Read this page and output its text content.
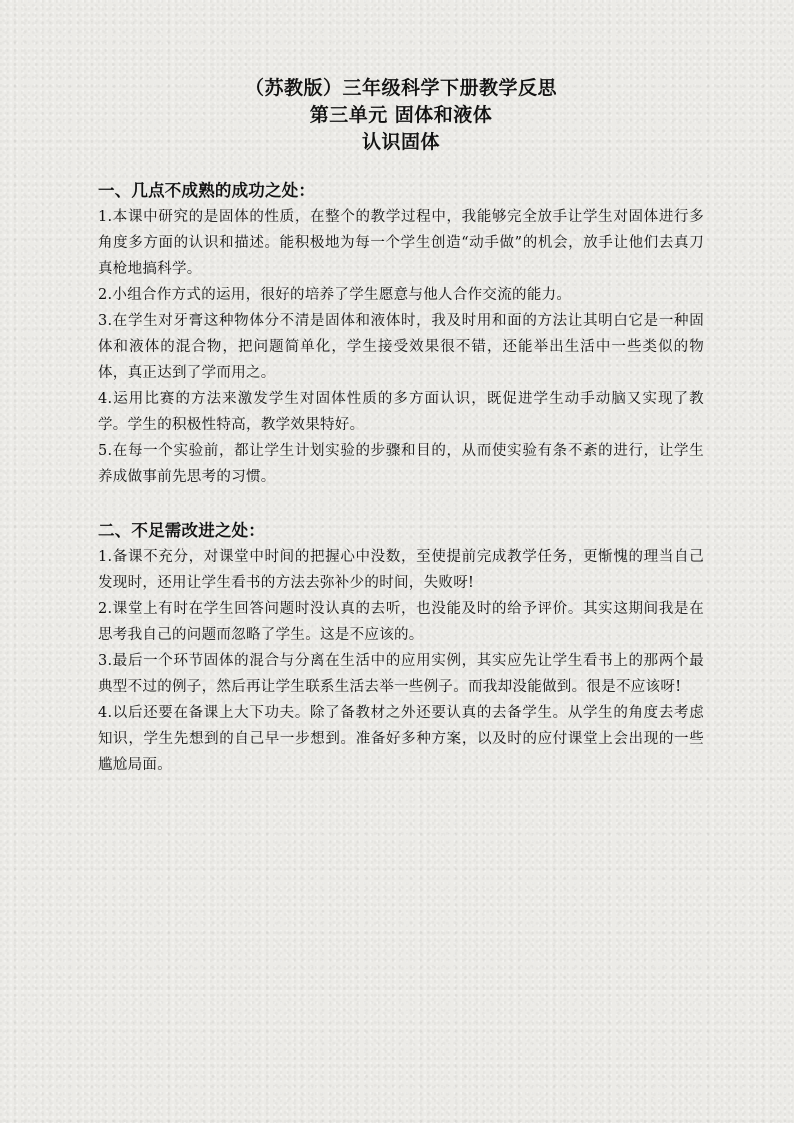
（苏教版）三年级科学下册教学反思
第三单元 固体和液体
认识固体
一、几点不成熟的成功之处：

1.本课中研究的是固体的性质，在整个的教学过程中，我能够完全放手让学生对固体进行多角度多方面的认识和描述。能积极地为每一个学生创造“动手做”的机会，放手让他们去真刀真枪地搞科学。

2.小组合作方式的运用，很好的培养了学生愿意与他人合作交流的能力。

3.在学生对牙膏这种物体分不清是固体和液体时，我及时用和面的方法让其明白它是一种固体和液体的混合物，把问题简单化，学生接受效果很不错，还能举出生活中一些类似的物体，真正达到了学而用之。

4.运用比赛的方法来激发学生对固体性质的多方面认识，既促进学生动手动脑又实现了教学。学生的积极性特高，教学效果特好。

5.在每一个实验前，都让学生计划实验的步骤和目的，从而使实验有条不紊的进行，让学生养成做事前先思考的习惯。

二、不足需改进之处：

1.备课不充分，对课堂中时间的把握心中没数，至使提前完成教学任务，更惭愧的理当自己发现时，还用让学生看书的方法去弥补少的时间，失败呀!

2.课堂上有时在学生回答问题时没认真的去听，也没能及时的给予评价。其实这期间我是在思考我自己的问题而忽略了学生。这是不应该的。

3.最后一个环节固体的混合与分离在生活中的应用实例，其实应先让学生看书上的那两个最典型不过的例子，然后再让学生联系生活去举一些例子。而我却没能做到。很是不应该呀!

4.以后还要在备课上大下功夫。除了备教材之外还要认真的去备学生。从学生的角度去考虑知识，学生先想到的自己早一步想到。准备好多种方案，以及时的应付课堂上会出现的一些尴尬局面。
